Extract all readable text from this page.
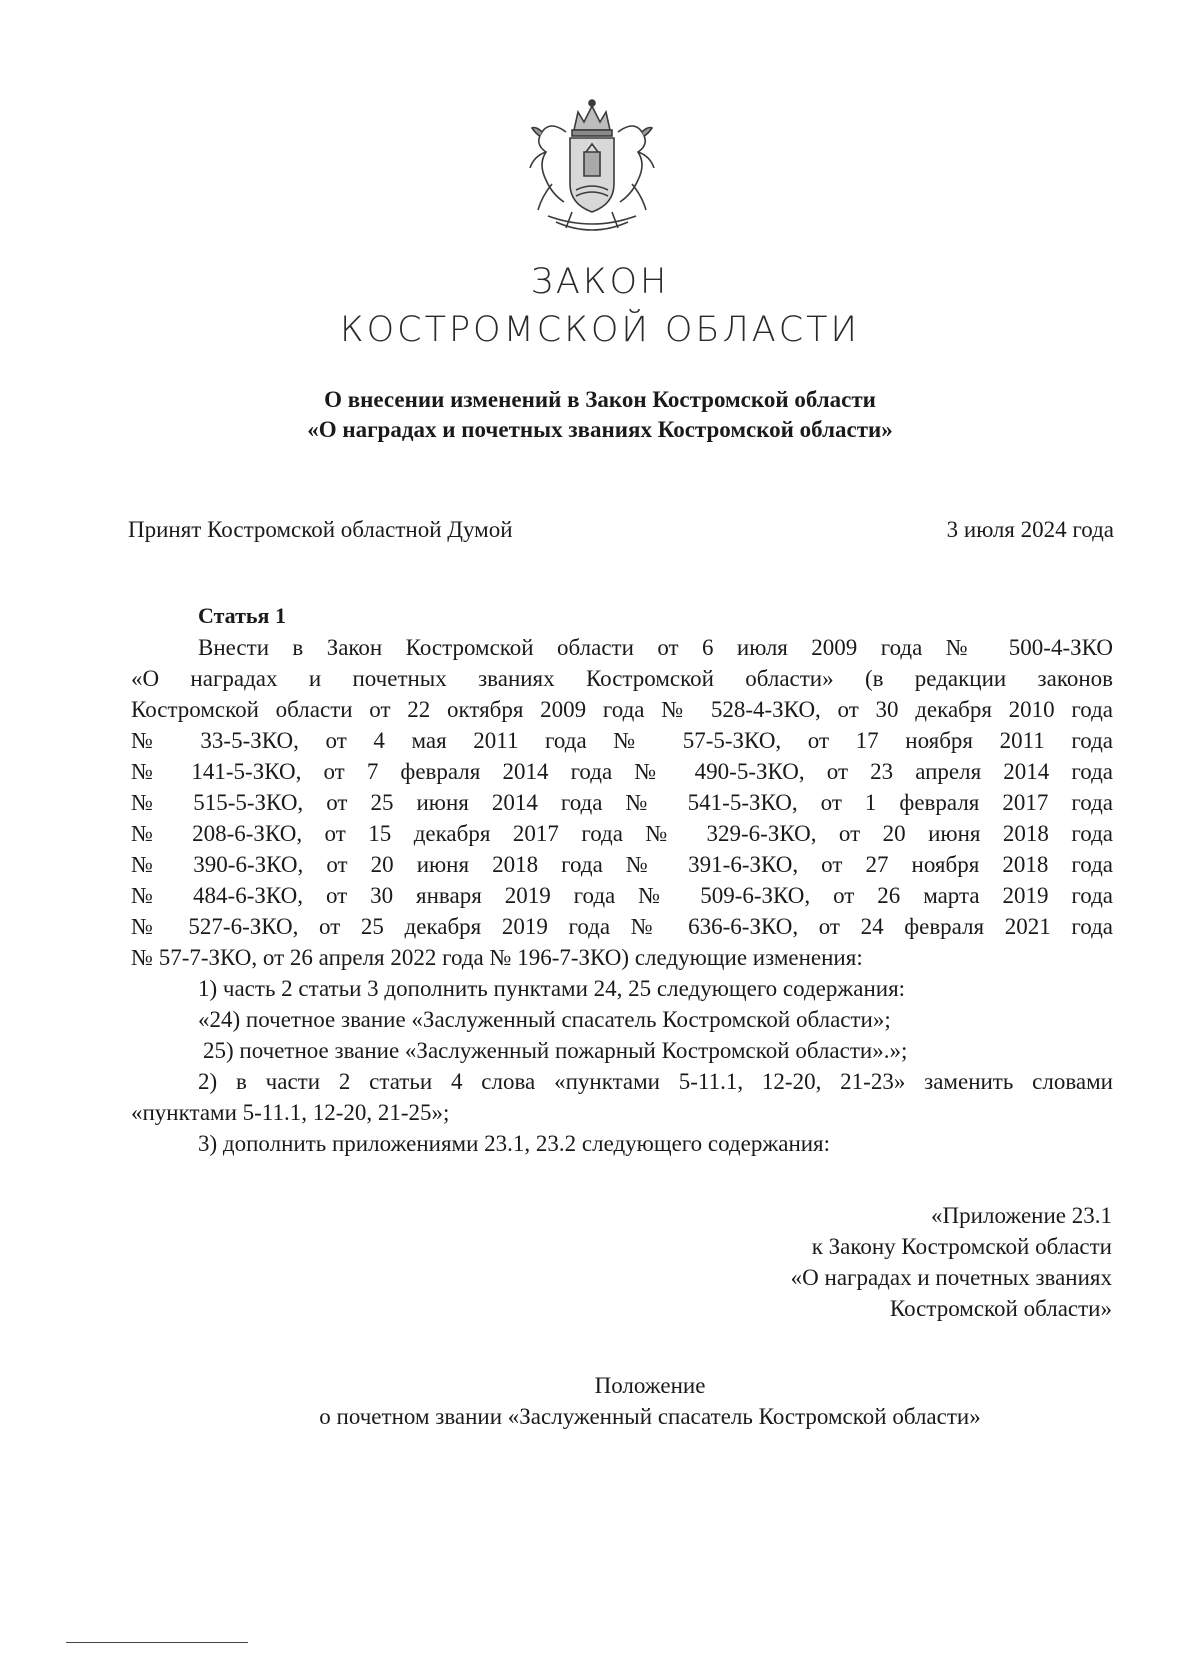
ЗАКОН
КОСТРОМСКОЙ ОБЛАСТИ
О внесении изменений в Закон Костромской области
«О наградах и почетных званиях Костромской области»
Принят Костромской областной Думой	3 июля 2024 года
Статья 1
Внести в Закон Костромской области от 6 июля 2009 года № 500-4-ЗКО
«О наградах и почетных званиях Костромской области» (в редакции законов
Костромской области от 22 октября 2009 года № 528-4-ЗКО, от 30 декабря 2010 года
№ 33-5-ЗКО, от 4 мая 2011 года № 57-5-ЗКО, от 17 ноября 2011 года
№ 141-5-ЗКО, от 7 февраля 2014 года № 490-5-ЗКО, от 23 апреля 2014 года
№ 515-5-ЗКО, от 25 июня 2014 года № 541-5-ЗКО, от 1 февраля 2017 года
№ 208-6-ЗКО, от 15 декабря 2017 года № 329-6-ЗКО, от 20 июня 2018 года
№ 390-6-ЗКО, от 20 июня 2018 года № 391-6-ЗКО, от 27 ноября 2018 года
№ 484-6-ЗКО, от 30 января 2019 года № 509-6-ЗКО, от 26 марта 2019 года
№ 527-6-ЗКО, от 25 декабря 2019 года № 636-6-ЗКО, от 24 февраля 2021 года
№ 57-7-ЗКО, от 26 апреля 2022 года № 196-7-ЗКО) следующие изменения:
1) часть 2 статьи 3 дополнить пунктами 24, 25 следующего содержания:
«24) почетное звание «Заслуженный спасатель Костромской области»;
25) почетное звание «Заслуженный пожарный Костромской области».»;
2) в части 2 статьи 4 слова «пунктами 5-11.1, 12-20, 21-23» заменить словами
«пунктами 5-11.1, 12-20, 21-25»;
3) дополнить приложениями 23.1, 23.2 следующего содержания:
«Приложение 23.1
к Закону Костромской области
«О наградах и почетных званиях
Костромской области»
Положение
о почетном звании «Заслуженный спасатель Костромской области»
